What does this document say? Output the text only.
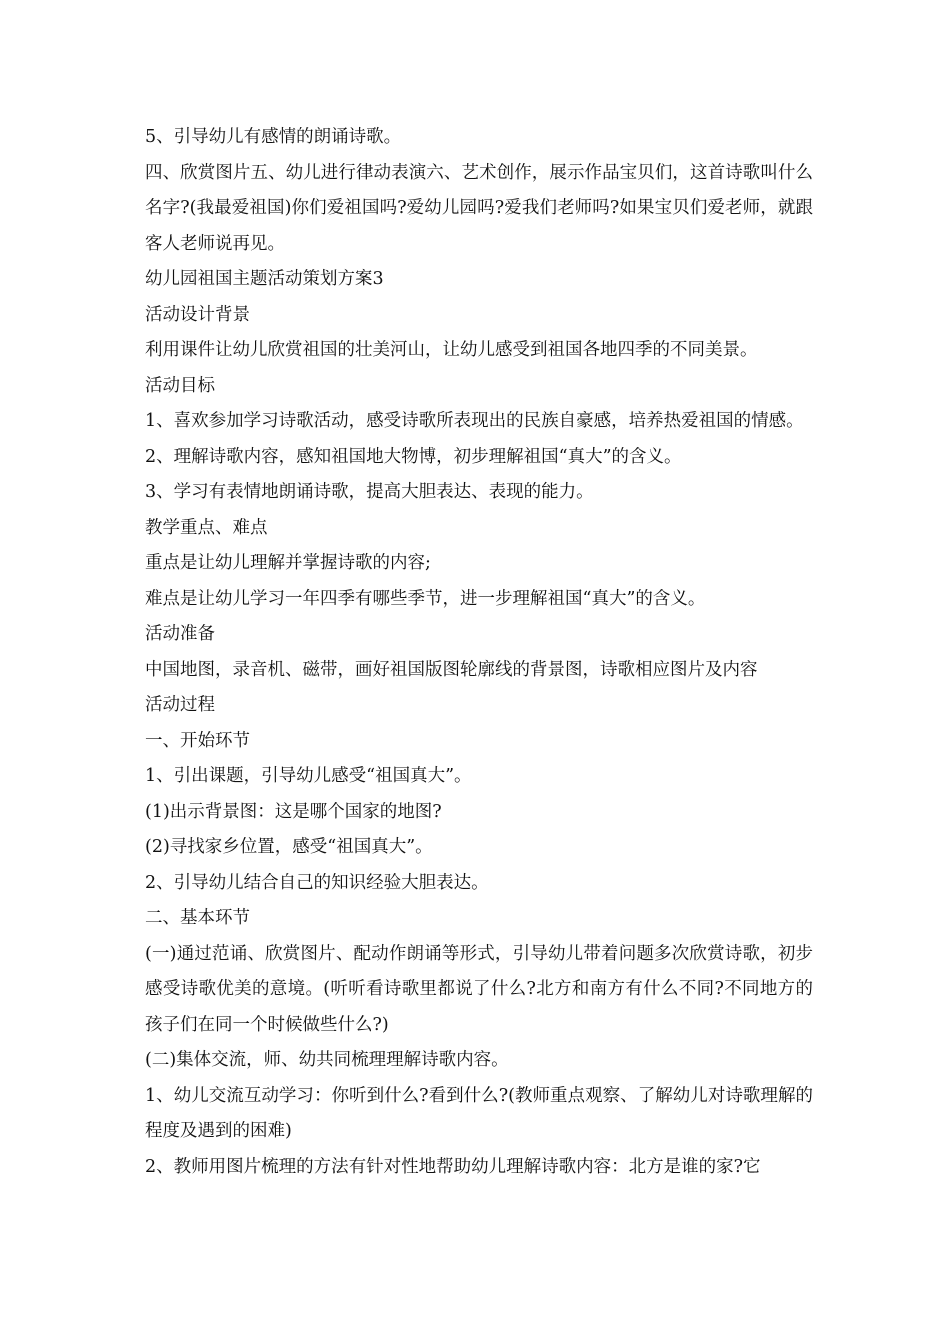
5、引导幼儿有感情的朗诵诗歌。

四、欣赏图片五、幼儿进行律动表演六、艺术创作，展示作品宝贝们，这首诗歌叫什么名字?(我最爱祖国)你们爱祖国吗?爱幼儿园吗?爱我们老师吗?如果宝贝们爱老师，就跟客人老师说再见。

幼儿园祖国主题活动策划方案3

活动设计背景

利用课件让幼儿欣赏祖国的壮美河山，让幼儿感受到祖国各地四季的不同美景。

活动目标

1、喜欢参加学习诗歌活动，感受诗歌所表现出的民族自豪感，培养热爱祖国的情感。

2、理解诗歌内容，感知祖国地大物博，初步理解祖国“真大”的含义。

3、学习有表情地朗诵诗歌，提高大胆表达、表现的能力。

教学重点、难点

重点是让幼儿理解并掌握诗歌的内容;

难点是让幼儿学习一年四季有哪些季节，进一步理解祖国“真大”的含义。

活动准备

中国地图，录音机、磁带，画好祖国版图轮廓线的背景图，诗歌相应图片及内容

活动过程

一、开始环节

1、引出课题，引导幼儿感受“祖国真大”。

(1)出示背景图：这是哪个国家的地图?

(2)寻找家乡位置，感受“祖国真大”。

2、引导幼儿结合自己的知识经验大胆表达。

二、基本环节

(一)通过范诵、欣赏图片、配动作朗诵等形式，引导幼儿带着问题多次欣赏诗歌，初步感受诗歌优美的意境。(听听看诗歌里都说了什么?北方和南方有什么不同?不同地方的孩子们在同一个时候做些什么?)

(二)集体交流，师、幼共同梳理理解诗歌内容。

1、幼儿交流互动学习：你听到什么?看到什么?(教师重点观察、了解幼儿对诗歌理解的程度及遇到的困难)

2、教师用图片梳理的方法有针对性地帮助幼儿理解诗歌内容：北方是谁的家?它
